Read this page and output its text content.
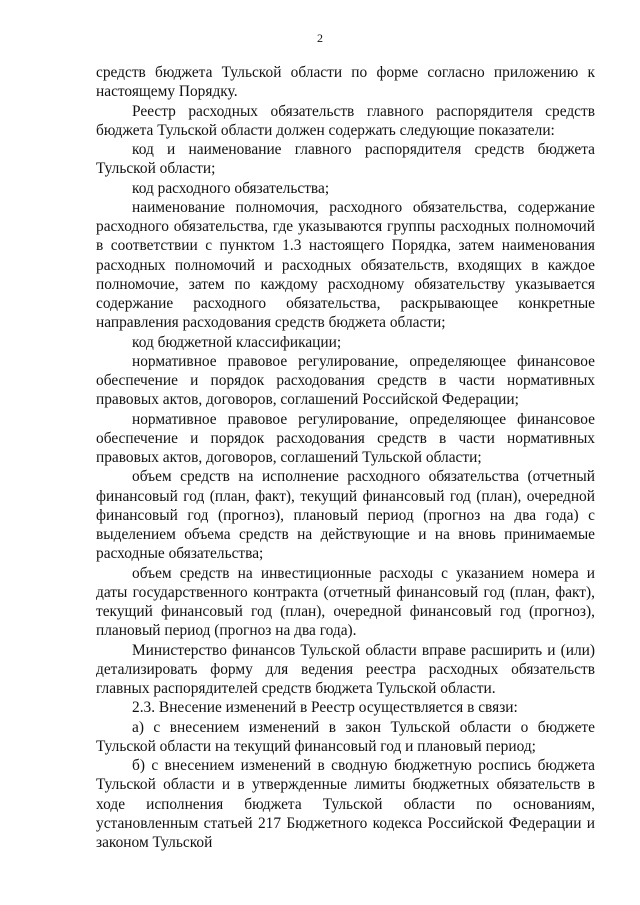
2

средств бюджета Тульской области по форме согласно приложению к настоящему Порядку.

Реестр расходных обязательств главного распорядителя средств бюджета Тульской области должен содержать следующие показатели:

код и наименование главного распорядителя средств бюджета Тульской области;

код расходного обязательства;

наименование полномочия, расходного обязательства, содержание расходного обязательства, где указываются группы расходных полномочий в соответствии с пунктом 1.3 настоящего Порядка, затем наименования расходных полномочий и расходных обязательств, входящих в каждое полномочие, затем по каждому расходному обязательству указывается содержание расходного обязательства, раскрывающее конкретные направления расходования средств бюджета области;

код бюджетной классификации;

нормативное правовое регулирование, определяющее финансовое обеспечение и порядок расходования средств в части нормативных правовых актов, договоров, соглашений Российской Федерации;

нормативное правовое регулирование, определяющее финансовое обеспечение и порядок расходования средств в части нормативных правовых актов, договоров, соглашений Тульской области;

объем средств на исполнение расходного обязательства (отчетный финансовый год (план, факт), текущий финансовый год (план), очередной финансовый год (прогноз), плановый период (прогноз на два года) с выделением объема средств на действующие и на вновь принимаемые расходные обязательства;

объем средств на инвестиционные расходы с указанием номера и даты государственного контракта (отчетный финансовый год (план, факт), текущий финансовый год (план), очередной финансовый год (прогноз), плановый период (прогноз на два года).

Министерство финансов Тульской области вправе расширить и (или) детализировать форму для ведения реестра расходных обязательств главных распорядителей средств бюджета Тульской области.

2.3. Внесение изменений в Реестр осуществляется в связи:

а) с внесением изменений в закон Тульской области о бюджете Тульской области на текущий финансовый год и плановый период;

б) с внесением изменений в сводную бюджетную роспись бюджета Тульской области и в утвержденные лимиты бюджетных обязательств в ходе исполнения бюджета Тульской области по основаниям, установленным статьей 217 Бюджетного кодекса Российской Федерации и законом Тульской
